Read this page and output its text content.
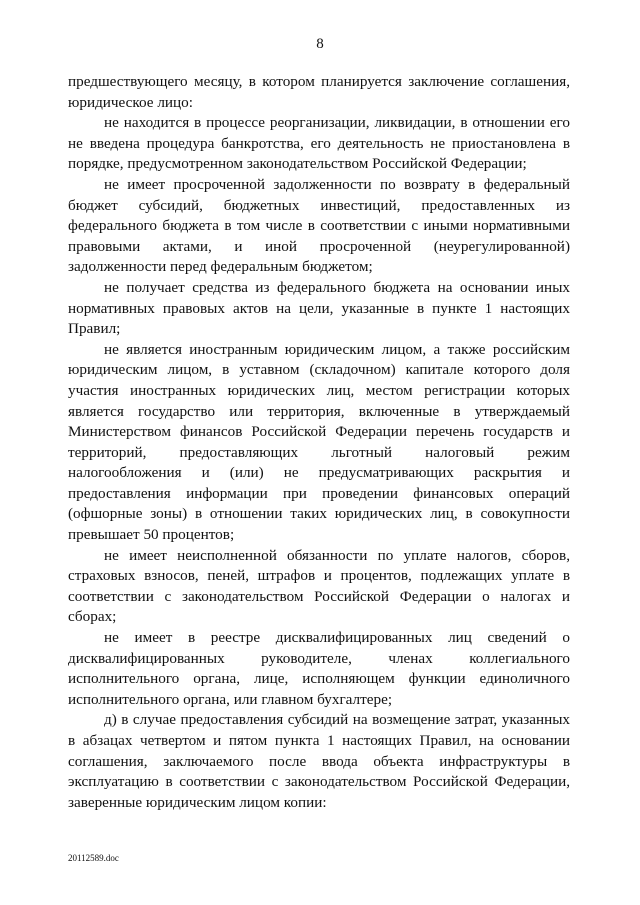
8

предшествующего месяцу, в котором планируется заключение соглашения, юридическое лицо:

не находится в процессе реорганизации, ликвидации, в отношении его не введена процедура банкротства, его деятельность не приостановлена в порядке, предусмотренном законодательством Российской Федерации;

не имеет просроченной задолженности по возврату в федеральный бюджет субсидий, бюджетных инвестиций, предоставленных из федерального бюджета в том числе в соответствии с иными нормативными правовыми актами, и иной просроченной (неурегулированной) задолженности перед федеральным бюджетом;

не получает средства из федерального бюджета на основании иных нормативных правовых актов на цели, указанные в пункте 1 настоящих Правил;

не является иностранным юридическим лицом, а также российским юридическим лицом, в уставном (складочном) капитале которого доля участия иностранных юридических лиц, местом регистрации которых является государство или территория, включенные в утверждаемый Министерством финансов Российской Федерации перечень государств и территорий, предоставляющих льготный налоговый режим налогообложения и (или) не предусматривающих раскрытия и предоставления информации при проведении финансовых операций (офшорные зоны) в отношении таких юридических лиц, в совокупности превышает 50 процентов;

не имеет неисполненной обязанности по уплате налогов, сборов, страховых взносов, пеней, штрафов и процентов, подлежащих уплате в соответствии с законодательством Российской Федерации о налогах и сборах;

не имеет в реестре дисквалифицированных лиц сведений о дисквалифицированных руководителе, членах коллегиального исполнительного органа, лице, исполняющем функции единоличного исполнительного органа, или главном бухгалтере;

д) в случае предоставления субсидий на возмещение затрат, указанных в абзацах четвертом и пятом пункта 1 настоящих Правил, на основании соглашения, заключаемого после ввода объекта инфраструктуры в эксплуатацию в соответствии с законодательством Российской Федерации, заверенные юридическим лицом копии:

20112589.doc
